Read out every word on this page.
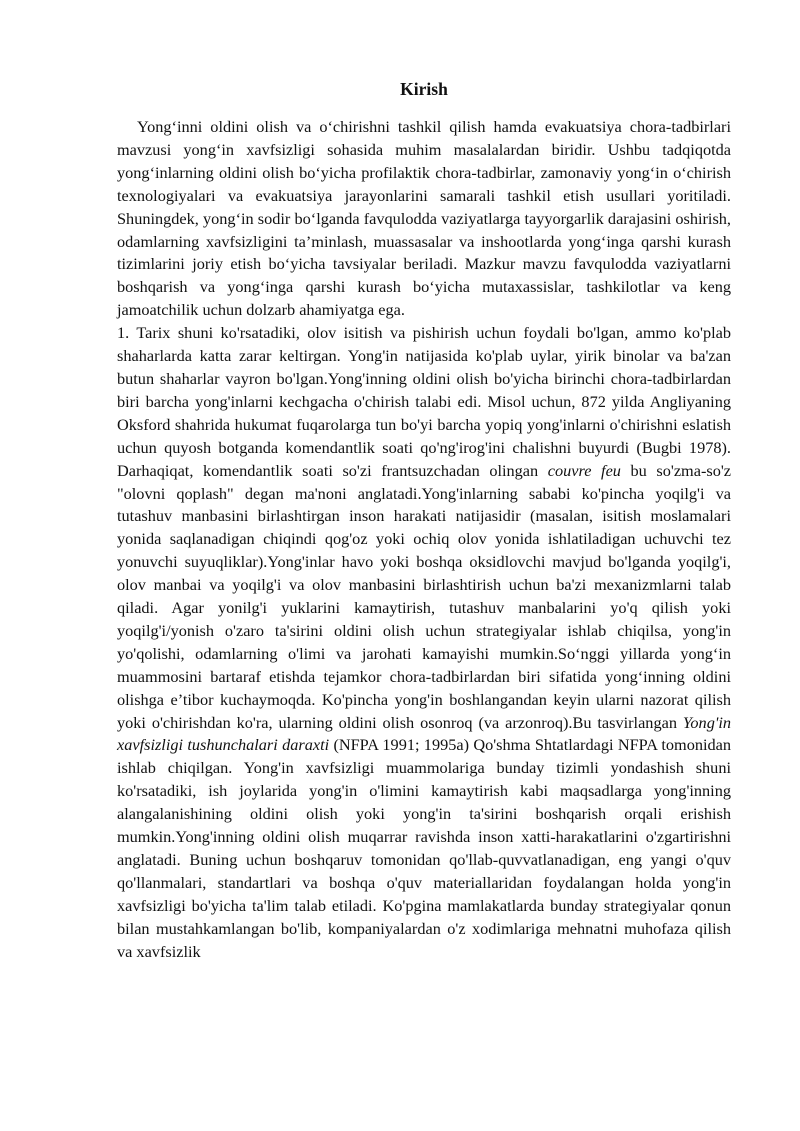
Kirish

Yong‘inni oldini olish va o‘chirishni tashkil qilish hamda evakuatsiya chora-tadbirlari mavzusi yong‘in xavfsizligi sohasida muhim masalalardan biridir. Ushbu tadqiqotda yong‘inlarning oldini olish bo‘yicha profilaktik chora-tadbirlar, zamonaviy yong‘in o‘chirish texnologiyalari va evakuatsiya jarayonlarini samarali tashkil etish usullari yoritiladi. Shuningdek, yong‘in sodir bo‘lganda favqulodda vaziyatlarga tayyorgarlik darajasini oshirish, odamlarning xavfsizligini ta’minlash, muassasalar va inshootlarda yong‘inga qarshi kurash tizimlarini joriy etish bo‘yicha tavsiyalar beriladi. Mazkur mavzu favqulodda vaziyatlarni boshqarish va yong‘inga qarshi kurash bo‘yicha mutaxassislar, tashkilotlar va keng jamoatchilik uchun dolzarb ahamiyatga ega.

1. Tarix shuni ko'rsatadiki, olov isitish va pishirish uchun foydali bo'lgan, ammo ko'plab shaharlarda katta zarar keltirgan. Yong'in natijasida ko'plab uylar, yirik binolar va ba'zan butun shaharlar vayron bo'lgan.Yong'inning oldini olish bo'yicha birinchi chora-tadbirlardan biri barcha yong'inlarni kechgacha o'chirish talabi edi. Misol uchun, 872 yilda Angliyaning Oksford shahrida hukumat fuqarolarga tun bo'yi barcha yopiq yong'inlarni o'chirishni eslatish uchun quyosh botganda komendantlik soati qo'ng'irog'ini chalishni buyurdi (Bugbi 1978). Darhaqiqat, komendantlik soati so'zi frantsuzchadan olingan couvre feu bu so'zma-so'z "olovni qoplash" degan ma'noni anglatadi.Yong'inlarning sababi ko'pincha yoqilg'i va tutashuv manbasini birlashtirgan inson harakati natijasidir (masalan, isitish moslamalari yonida saqlanadigan chiqindi qog'oz yoki ochiq olov yonida ishlatiladigan uchuvchi tez yonuvchi suyuqliklar).Yong'inlar havo yoki boshqa oksidlovchi mavjud bo'lganda yoqilg'i, olov manbai va yoqilg'i va olov manbasini birlashtirish uchun ba'zi mexanizmlarni talab qiladi. Agar yonilg'i yuklarini kamaytirish, tutashuv manbalarini yo'q qilish yoki yoqilg'i/yonish o'zaro ta'sirini oldini olish uchun strategiyalar ishlab chiqilsa, yong'in yo'qolishi, odamlarning o'limi va jarohati kamayishi mumkin.So‘nggi yillarda yong‘in muammosini bartaraf etishda tejamkor chora-tadbirlardan biri sifatida yong‘inning oldini olishga e’tibor kuchaymoqda. Ko'pincha yong'in boshlangandan keyin ularni nazorat qilish yoki o'chirishdan ko'ra, ularning oldini olish osonroq (va arzonroq).Bu tasvirlangan Yong'in xavfsizligi tushunchalari daraxti (NFPA 1991; 1995a) Qo'shma Shtatlardagi NFPA tomonidan ishlab chiqilgan. Yong'in xavfsizligi muammolariga bunday tizimli yondashish shuni ko'rsatadiki, ish joylarida yong'in o'limini kamaytirish kabi maqsadlarga yong'inning alangalanishining oldini olish yoki yong'in ta'sirini boshqarish orqali erishish mumkin.Yong'inning oldini olish muqarrar ravishda inson xatti-harakatlarini o'zgartirishni anglatadi. Buning uchun boshqaruv tomonidan qo'llab-quvvatlanadigan, eng yangi o'quv qo'llanmalari, standartlari va boshqa o'quv materiallaridan foydalangan holda yong'in xavfsizligi bo'yicha ta'lim talab etiladi. Ko'pgina mamlakatlarda bunday strategiyalar qonun bilan mustahkamlangan bo'lib, kompaniyalardan o'z xodimlariga mehnatni muhofaza qilish va xavfsizlik
